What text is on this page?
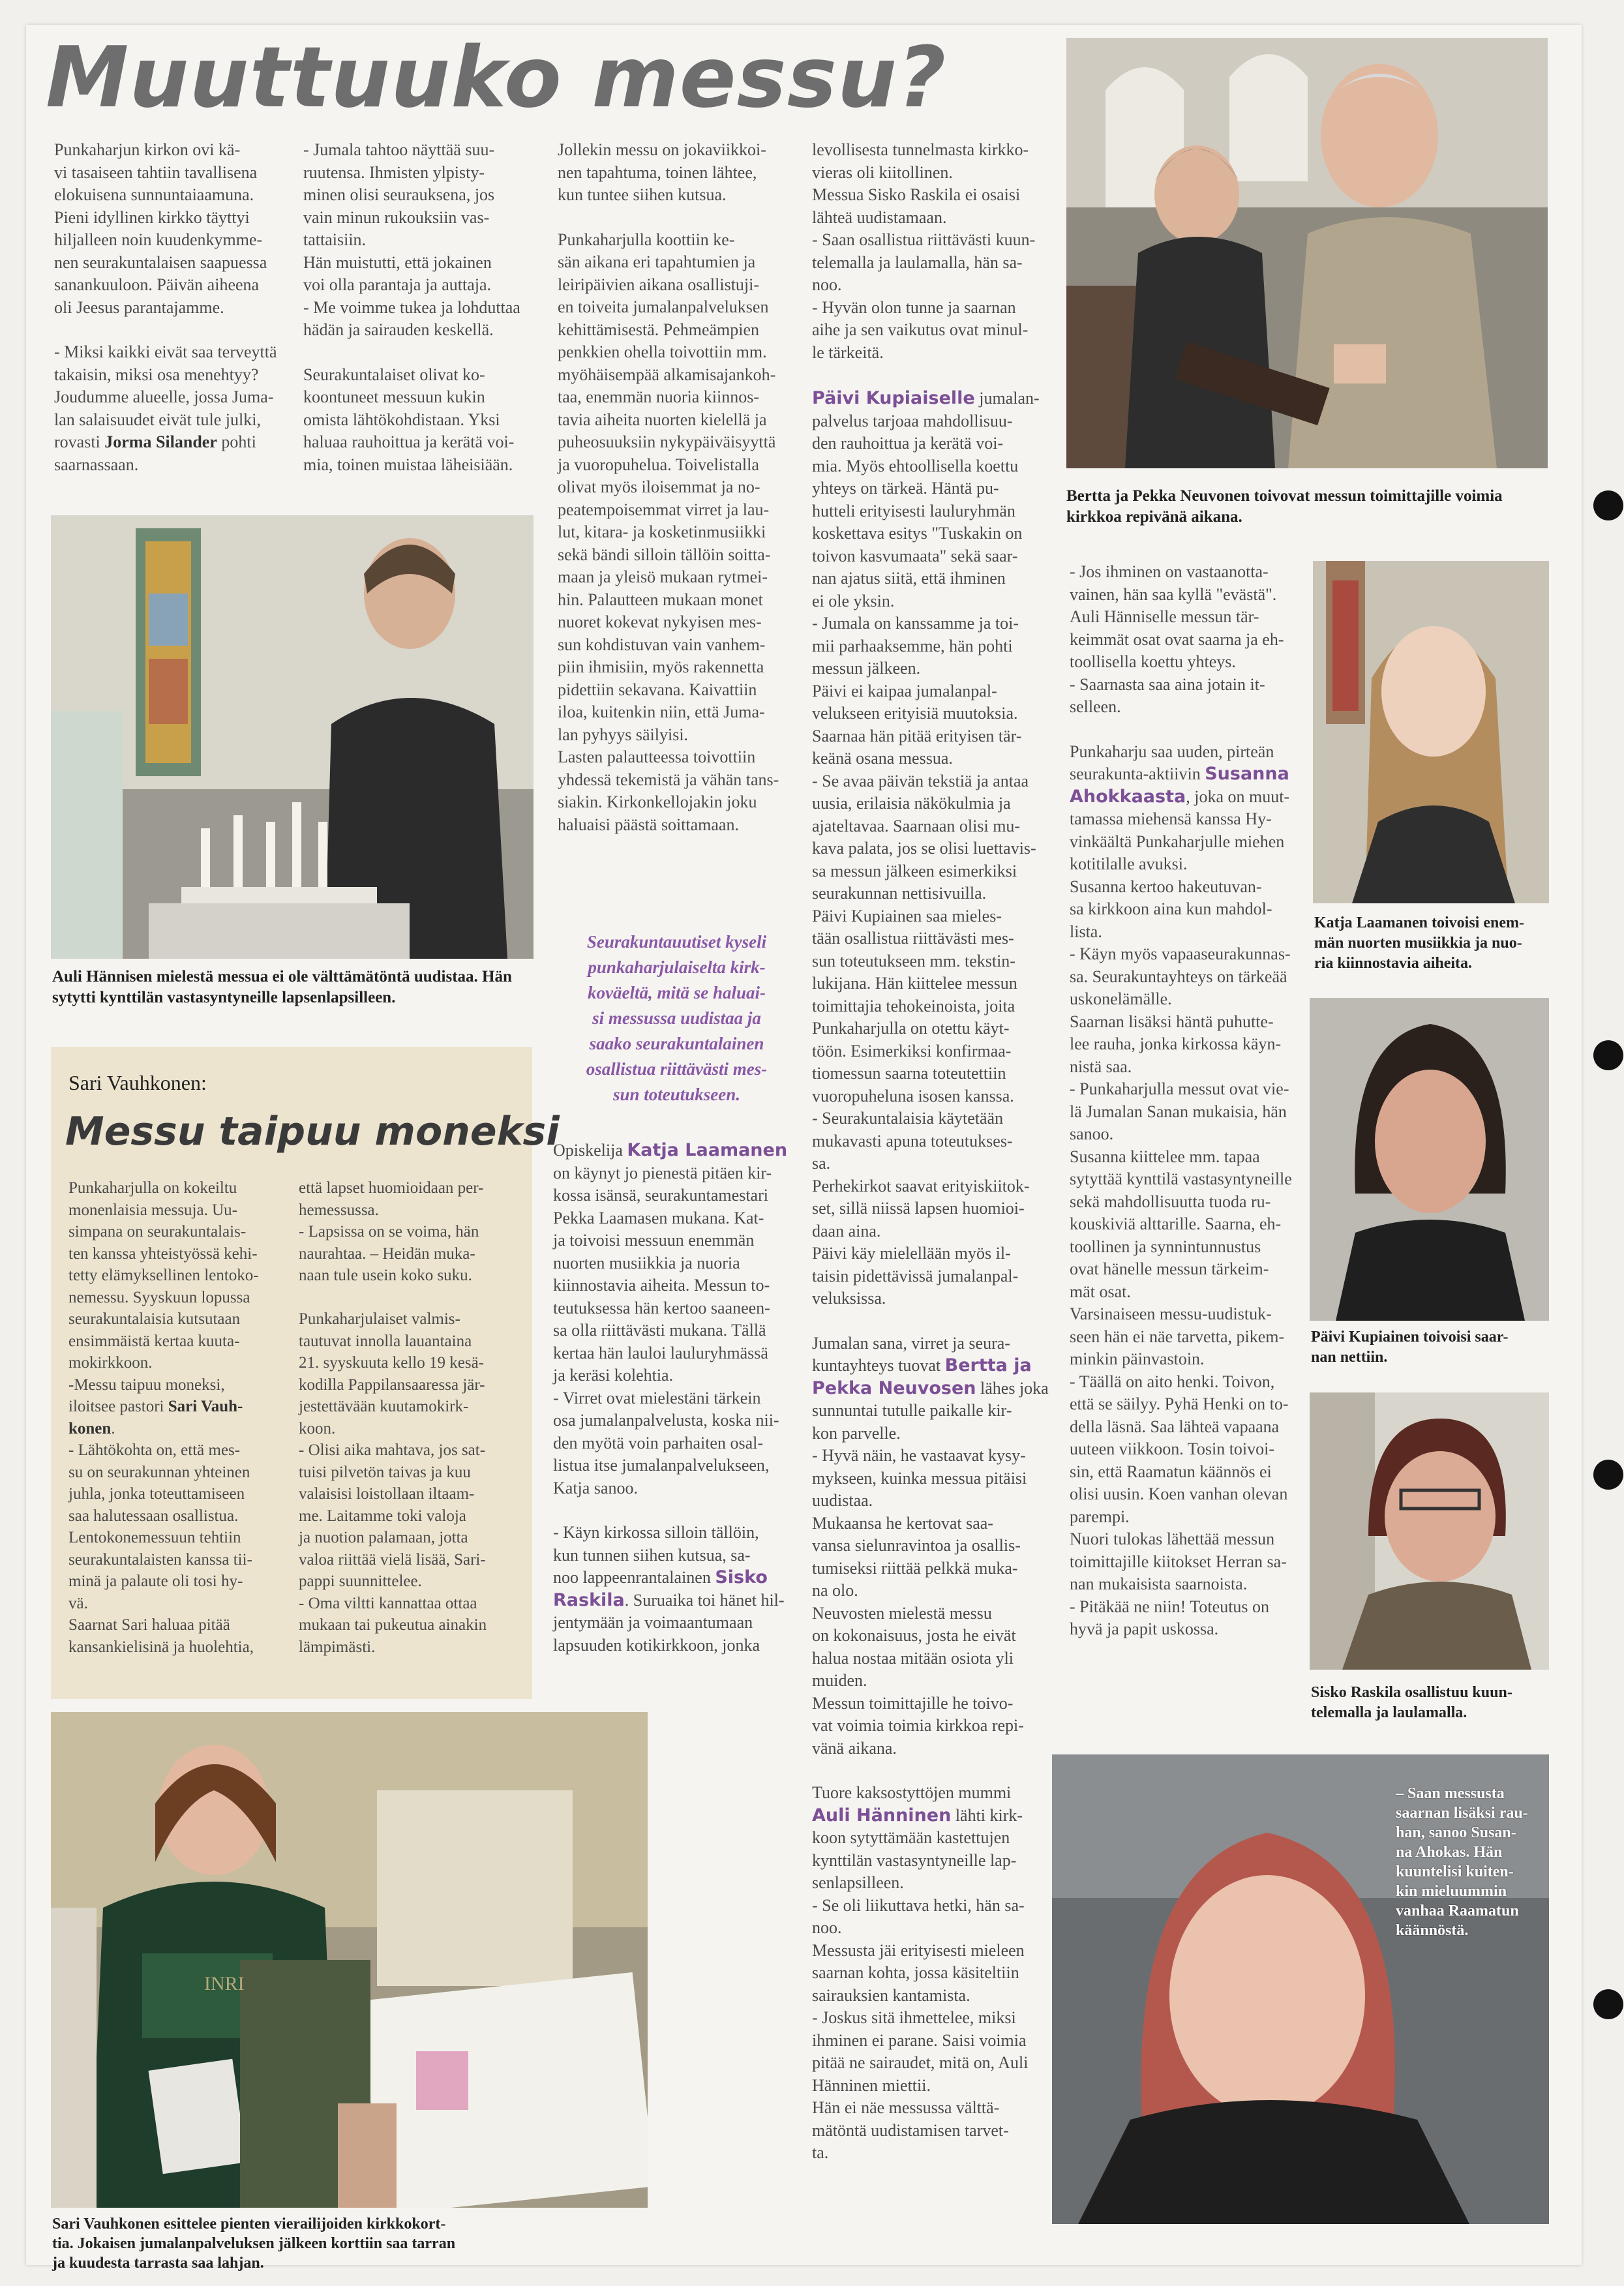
Muuttuuko messu?

Punkaharjun kirkon ovi kä-
vi tasaiseen tahtiin tavallisena
elokuisena sunnuntaiaamuna.
Pieni idyllinen kirkko täyttyi
hiljalleen noin kuudenkymme-
nen seurakuntalaisen saapuessa
sanankuuloon. Päivän aiheena
oli Jeesus parantajamme.

- Miksi kaikki eivät saa terveyttä
takaisin, miksi osa menehtyy?
Joudumme alueelle, jossa Juma-
lan salaisuudet eivät tule julki,
rovasti Jorma Silander pohti
saarnassaan.

- Jumala tahtoo näyttää suu-
ruutensa. Ihmisten ylpisty-
minen olisi seurauksena, jos
vain minun rukouksiin vas-
tattaisiin.
Hän muistutti, että jokainen
voi olla parantaja ja auttaja.
- Me voimme tukea ja lohduttaa
hädän ja sairauden keskellä.

Seurakuntalaiset olivat ko-
koontuneet messuun kukin
omista lähtökohdistaan. Yksi
haluaa rauhoittua ja kerätä voi-
mia, toinen muistaa läheisiään.

Auli Hännisen mielestä messua ei ole välttämätöntä uudistaa. Hän
sytytti kynttilän vastasyntyneille lapsenlapsilleen.
Sari Vauhkonen:
Messu taipuu moneksi

Punkaharjulla on kokeiltu
monenlaisia messuja. Uu-
simpana on seurakuntalais-
ten kanssa yhteistyössä kehi-
tetty elämyksellinen lentoko-
nemessu. Syyskuun lopussa
seurakuntalaisia kutsutaan
ensimmäistä kertaa kuuta-
mokirkkoon.
-Messu taipuu moneksi,
iloitsee pastori Sari Vauh-
konen.
- Lähtökohta on, että mes-
su on seurakunnan yhteinen
juhla, jonka toteuttamiseen
saa halutessaan osallistua.
Lentokonemessuun tehtiin
seurakuntalaisten kanssa tii-
minä ja palaute oli tosi hy-
vä.
Saarnat Sari haluaa pitää
kansankielisinä ja huolehtia,

että lapset huomioidaan per-
hemessussa.
- Lapsissa on se voima, hän
naurahtaa. – Heidän muka-
naan tule usein koko suku.

Punkaharjulaiset valmis-
tautuvat innolla lauantaina
21. syyskuuta kello 19 kesä-
kodilla Pappilansaaressa jär-
jestettävään kuutamokirk-
koon.
- Olisi aika mahtava, jos sat-
tuisi pilvetön taivas ja kuu
valaisisi loistollaan iltaam-
me. Laitamme toki valoja
ja nuotion palamaan, jotta
valoa riittää vielä lisää, Sari-
pappi suunnittelee.
- Oma viltti kannattaa ottaa
mukaan tai pukeutua ainakin
lämpimästi.

INRI
Sari Vauhkonen esittelee pienten vierailijoiden kirkkokort-
tia. Jokaisen jumalanpalveluksen jälkeen korttiin saa tarran
ja kuudesta tarrasta saa lahjan.

Jollekin messu on jokaviikkoi-
nen tapahtuma, toinen lähtee,
kun tuntee siihen kutsua.

Punkaharjulla koottiin ke-
sän aikana eri tapahtumien ja
leiripäivien aikana osallistuji-
en toiveita jumalanpalveluksen
kehittämisestä. Pehmeämpien
penkkien ohella toivottiin mm.
myöhäisempää alkamisajankoh-
taa, enemmän nuoria kiinnos-
tavia aiheita nuorten kielellä ja
puheosuuksiin nykypäiväisyyttä
ja vuoropuhelua. Toivelistalla
olivat myös iloisemmat ja no-
peatempoisemmat virret ja lau-
lut, kitara- ja kosketinmusiikki
sekä bändi silloin tällöin soitta-
maan ja yleisö mukaan rytmei-
hin. Palautteen mukaan monet
nuoret kokevat nykyisen mes-
sun kohdistuvan vain vanhem-
piin ihmisiin, myös rakennetta
pidettiin sekavana. Kaivattiin
iloa, kuitenkin niin, että Juma-
lan pyhyys säilyisi.
Lasten palautteessa toivottiin
yhdessä tekemistä ja vähän tans-
siakin. Kirkonkellojakin joku
haluaisi päästä soittamaan.

Seurakuntauutiset kyseli
punkaharjulaiselta kirk-
koväeltä, mitä se haluai-
si messussa uudistaa ja
saako seurakuntalainen
osallistua riittävästi mes-
sun toteutukseen.

Opiskelija Katja Laamanen
on käynyt jo pienestä pitäen kir-
kossa isänsä, seurakuntamestari
Pekka Laamasen mukana. Kat-
ja toivoisi messuun enemmän
nuorten musiikkia ja nuoria
kiinnostavia aiheita. Messun to-
teutuksessa hän kertoo saaneen-
sa olla riittävästi mukana. Tällä
kertaa hän lauloi lauluryhmässä
ja keräsi kolehtia.
- Virret ovat mielestäni tärkein
osa jumalanpalvelusta, koska nii-
den myötä voin parhaiten osal-
listua itse jumalanpalvelukseen,
Katja sanoo.

- Käyn kirkossa silloin tällöin,
kun tunnen siihen kutsua, sa-
noo lappeenrantalainen Sisko Raskila. Suruaika toi hänet hil-
jentymään ja voimaantumaan
lapsuuden kotikirkkoon, jonka

levollisesta tunnelmasta kirkko-
vieras oli kiitollinen.
Messua Sisko Raskila ei osaisi
lähteä uudistamaan.
- Saan osallistua riittävästi kuun-
telemalla ja laulamalla, hän sa-
noo.
- Hyvän olon tunne ja saarnan
aihe ja sen vaikutus ovat minul-
le tärkeitä.

Päivi Kupiaiselle jumalan-
palvelus tarjoaa mahdollisuu-
den rauhoittua ja kerätä voi-
mia. Myös ehtoollisella koettu
yhteys on tärkeä. Häntä pu-
hutteli erityisesti lauluryhmän
koskettava esitys "Tuskakin on
toivon kasvumaata" sekä saar-
nan ajatus siitä, että ihminen
ei ole yksin.
- Jumala on kanssamme ja toi-
mii parhaaksemme, hän pohti
messun jälkeen.
Päivi ei kaipaa jumalanpal-
velukseen erityisiä muutoksia.
Saarnaa hän pitää erityisen tär-
keänä osana messua.
- Se avaa päivän tekstiä ja antaa
uusia, erilaisia näkökulmia ja
ajateltavaa. Saarnaan olisi mu-
kava palata, jos se olisi luettavis-
sa messun jälkeen esimerkiksi
seurakunnan nettisivuilla.
Päivi Kupiainen saa mieles-
tään osallistua riittävästi mes-
sun toteutukseen mm. tekstin-
lukijana. Hän kiittelee messun
toimittajia tehokeinoista, joita
Punkaharjulla on otettu käyt-
töön. Esimerkiksi konfirmaa-
tiomessun saarna toteutettiin
vuoropuheluna isosen kanssa.
- Seurakuntalaisia käytetään
mukavasti apuna toteutukses-
sa.
Perhekirkot saavat erityiskiitok-
set, sillä niissä lapsen huomioi-
daan aina.
Päivi käy mielellään myös il-
taisin pidettävissä jumalanpal-
veluksissa.

Jumalan sana, virret ja seura-
kuntayhteys tuovat Bertta ja Pekka Neuvosen lähes joka
sunnuntai tutulle paikalle kir-
kon parvelle.
- Hyvä näin, he vastaavat kysy-
mykseen, kuinka messua pitäisi
uudistaa.
Mukaansa he kertovat saa-
vansa sielunravintoa ja osallis-
tumiseksi riittää pelkkä muka-
na olo.
Neuvosten mielestä messu
on kokonaisuus, josta he eivät
halua nostaa mitään osiota yli
muiden.
Messun toimittajille he toivo-
vat voimia toimia kirkkoa repi-
vänä aikana.

Tuore kaksostyttöjen mummi
Auli Hänninen lähti kirk-
koon sytyttämään kastettujen
kynttilän vastasyntyneille lap-
senlapsilleen.
- Se oli liikuttava hetki, hän sa-
noo.
Messusta jäi erityisesti mieleen
saarnan kohta, jossa käsiteltiin
sairauksien kantamista.
- Joskus sitä ihmettelee, miksi
ihminen ei parane. Saisi voimia
pitää ne sairaudet, mitä on, Auli
Hänninen miettii.
Hän ei näe messussa välttä-
mätöntä uudistamisen tarvet-
ta.

Bertta ja Pekka Neuvonen toivovat messun toimittajille voimia
kirkkoa repivänä aikana.

- Jos ihminen on vastaanotta-
vainen, hän saa kyllä "evästä".
Auli Hänniselle messun tär-
keimmät osat ovat saarna ja eh-
toollisella koettu yhteys.
- Saarnasta saa aina jotain it-
selleen.

Punkaharju saa uuden, pirteän
seurakunta-aktiivin Susanna Ahokkaasta, joka on muut-
tamassa miehensä kanssa Hy-
vinkäältä Punkaharjulle miehen
kotitilalle avuksi.
Susanna kertoo hakeutuvan-
sa kirkkoon aina kun mahdol-
lista.
- Käyn myös vapaaseurakunnas-
sa. Seurakuntayhteys on tärkeää
uskonelämälle.
Saarnan lisäksi häntä puhutte-
lee rauha, jonka kirkossa käyn-
nistä saa.
- Punkaharjulla messut ovat vie-
lä Jumalan Sanan mukaisia, hän
sanoo.
Susanna kiittelee mm. tapaa
sytyttää kynttilä vastasyntyneille
sekä mahdollisuutta tuoda ru-
kouskiviä alttarille. Saarna, eh-
toollinen ja synnintunnustus
ovat hänelle messun tärkeim-
mät osat.
Varsinaiseen messu-uudistuk-
seen hän ei näe tarvetta, pikem-
minkin päinvastoin.
- Täällä on aito henki. Toivon,
että se säilyy. Pyhä Henki on to-
della läsnä. Saa lähteä vapaana
uuteen viikkoon. Tosin toivoi-
sin, että Raamatun käännös ei
olisi uusin. Koen vanhan olevan
parempi.
Nuori tulokas lähettää messun
toimittajille kiitokset Herran sa-
nan mukaisista saarnoista.
- Pitäkää ne niin! Toteutus on
hyvä ja papit uskossa.

Katja Laamanen toivoisi enem-
män nuorten musiikkia ja nuo-
ria kiinnostavia aiheita.
Päivi Kupiainen toivoisi saar-
nan nettiin.
Sisko Raskila osallistuu kuun-
telemalla ja laulamalla.
– Saan messusta
saarnan lisäksi rau-
han, sanoo Susan-
na Ahokas. Hän
kuuntelisi kuiten-
kin mieluummin
vanhaa Raamatun
käännöstä.
